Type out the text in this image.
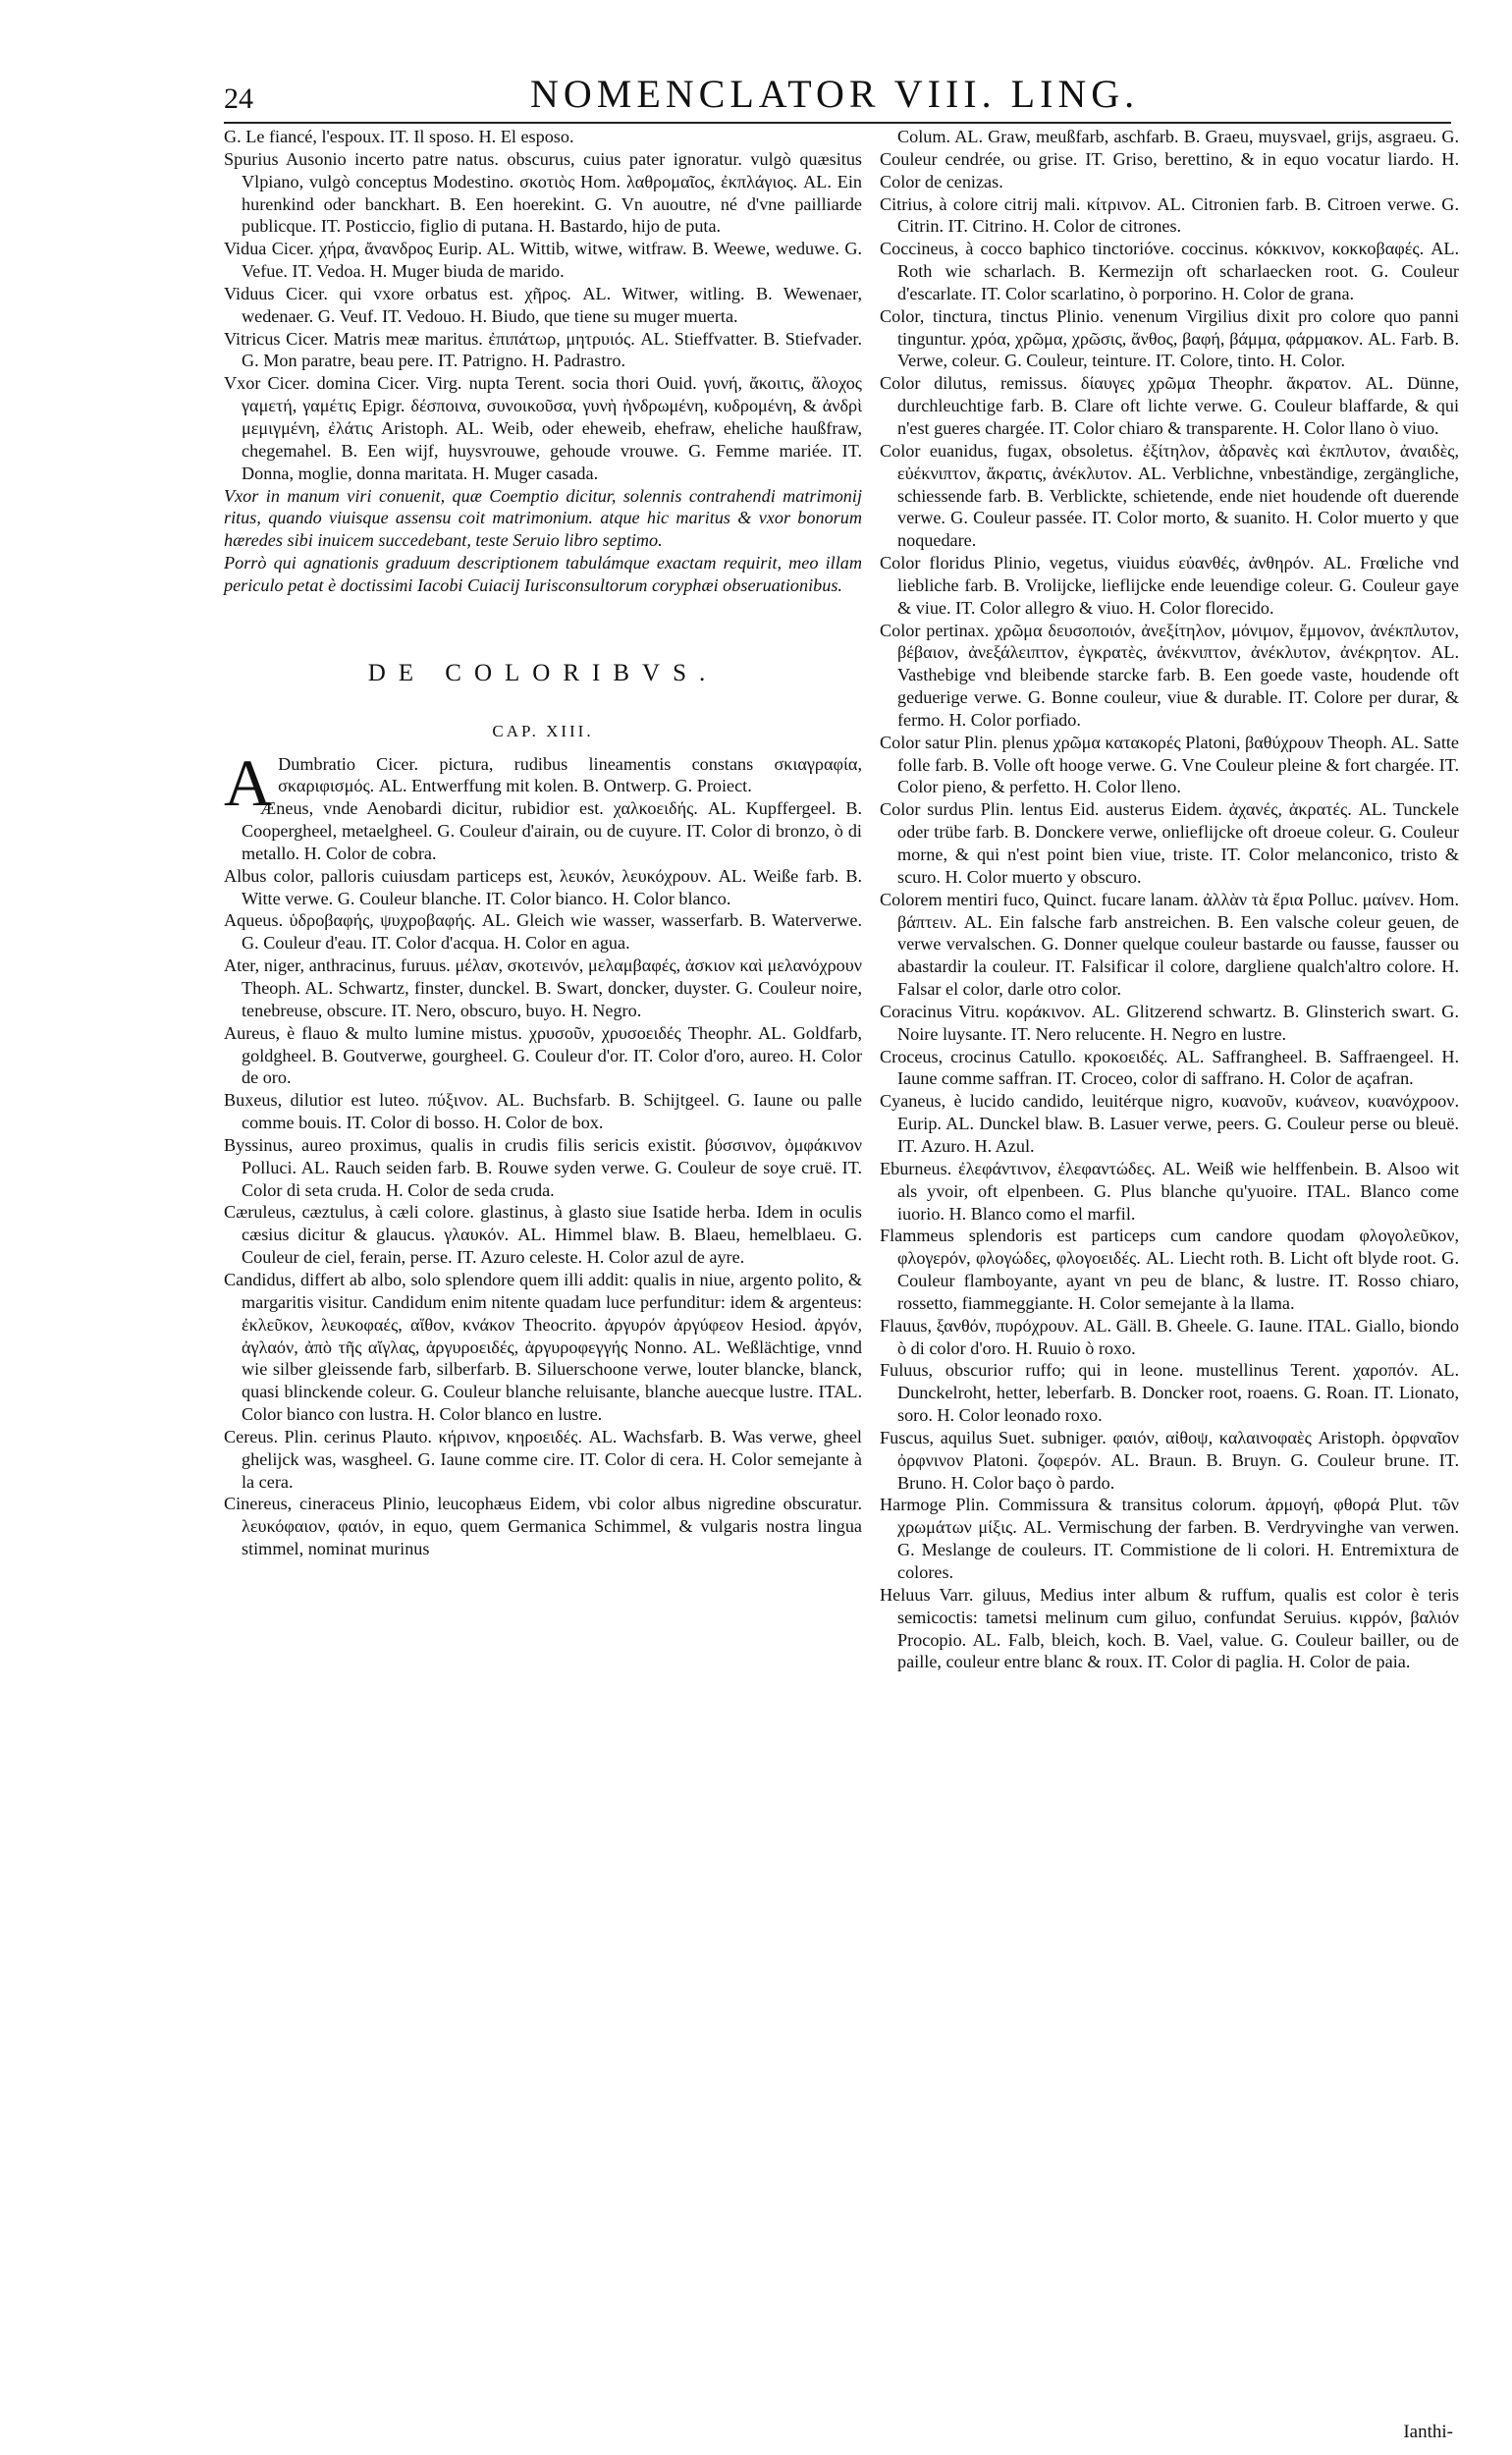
24	NOMENCLATOR VIII. LING.

G. Le fiancé, l'espoux. IT. Il sposo. H. El esposo.

Spurius Ausonio incerto patre natus. obscurus, cuius pater ignoratur. vulgò quæsitus Vlpiano, vulgò conceptus Modestino. σκοτιὸς Hom. λαθρομαῖος, ἐκπλάγιος. AL. Ein hurenkind oder banckhart. B. Een hoerekint. G. Vn auoutre, né d'vne pailliarde publicque. IT. Posticcio, figlio di putana. H. Bastardo, hijo de puta.

Vidua Cicer. χήρα, ἄνανδρος Eurip. AL. Wittib, witwe, witfraw. B. Weewe, weduwe. G. Vefue. IT. Vedoa. H. Muger biuda de marido.

Viduus Cicer. qui vxore orbatus est. χῆρος. AL. Witwer, witling. B. Wewenaer, wedenaer. G. Veuf. IT. Vedouo. H. Biudo, que tiene su muger muerta.

Vitricus Cicer. Matris meæ maritus. ἐπιπάτωρ, μητρυιός. AL. Stieffvatter. B. Stiefvader. G. Mon paratre, beau pere. IT. Patrigno. H. Padrastro.

Vxor Cicer. domina Cicer. Virg. nupta Terent. socia thori Ouid. γυνή, ἄκοιτις, ἄλοχος γαμετή, γαμέτις Epigr. δέσποινα, συνοικοῦσα, γυνὴ ἠνδρωμένη, κυδρομένη, & ἀνδρὶ μεμιγμένη, ἐλάτις Aristoph. AL. Weib, oder eheweib, ehefraw, eheliche haußfraw, chegemahel. B. Een wijf, huysvrouwe, gehoude vrouwe. G. Femme mariée. IT. Donna, moglie, donna maritata. H. Muger casada.

Vxor in manum viri conuenit, quæ Coemptio dicitur, solennis contrahendi matrimonij ritus, quando viuisque assensu coit matrimonium. atque hic maritus & vxor bonorum hæredes sibi inuicem succedebant, teste Seruio libro septimo.

Porrò qui agnationis graduum descriptionem tabulámque exactam requirit, meo illam periculo petat è doctissimi Iacobi Cuiacij Iurisconsultorum coryphæi obseruationibus.

DE COLORIBVS.
CAP. XIII.
A Dumbratio Cicer. pictura, rudibus lineamentis constans σκιαγραφία, σκαριφισμός. AL. Entwerffung mit kolen. B. Ontwerp. G. Proiect.

Æneus, vnde Aenobardi dicitur, rubidior est. χαλκοειδής. AL. Kupffergeel. B. Coopergheel, metaelgheel. G. Couleur d'airain, ou de cuyure. IT. Color di bronzo, ò di metallo. H. Color de cobra.

Albus color, palloris cuiusdam particeps est, λευκόν, λευκόχρουν. AL. Weiße farb. B. Witte verwe. G. Couleur blanche. IT. Color bianco. H. Color blanco.

Aqueus. ὑδροβαφής, ψυχροβαφής. AL. Gleich wie wasser, wasserfarb. B. Waterverwe. G. Couleur d'eau. IT. Color d'acqua. H. Color en agua.

Ater, niger, anthracinus, furuus. μέλαν, σκοτεινόν, μελαμβαφές, ἀσκιον καὶ μελανόχρουν Theoph. AL. Schwartz, finster, dunckel. B. Swart, doncker, duyster. G. Couleur noire, tenebreuse, obscure. IT. Nero, obscuro, buyo. H. Negro.

Aureus, è flauo & multo lumine mistus. χρυσοῦν, χρυσοειδές Theophr. AL. Goldfarb, goldgheel. B. Goutverwe, gourgheel. G. Couleur d'or. IT. Color d'oro, aureo. H. Color de oro.

Buxeus, dilutior est luteo. πύξινον. AL. Buchsfarb. B. Schijtgeel. G. Iaune ou palle comme bouis. IT. Color di bosso. H. Color de box.

Byssinus, aureo proximus, qualis in crudis filis sericis existit. βύσσινον, ὀμφάκινον Polluci. AL. Rauch seiden farb. B. Rouwe syden verwe. G. Couleur de soye cruë. IT. Color di seta cruda. H. Color de seda cruda.

Cæruleus, cæztulus, à cæli colore. glastinus, à glasto siue Isatide herba. Idem in oculis cæsius dicitur & glaucus. γλαυκόν. AL. Himmel blaw. B. Blaeu, hemelblaeu. G. Couleur de ciel, ferain, perse. IT. Azuro celeste. H. Color azul de ayre.

Candidus, differt ab albo, solo splendore quem illi addit: qualis in niue, argento polito, & margaritis visitur. Candidum enim nitente quadam luce perfunditur: idem & argenteus: ἐκλεῦκον, λευκοφαές, αἴθον, κνάκον Theocrito. ἀργυρόν ἀργύφεον Hesiod. ἀργόν, ἀγλαόν, ἀπὸ τῆς αἴγλας, ἀργυροειδές, ἀργυροφεγγής Nonno. AL. Weßlächtige, vnnd wie silber gleissende farb, silberfarb. B. Siluerschoone verwe, louter blancke, blanck, quasi blinckende coleur. G. Couleur blanche reluisante, blanche auecque lustre. ITAL. Color bianco con lustra. H. Color blanco en lustre.

Cereus. Plin. cerinus Plauto. κήρινον, κηροειδές. AL. Wachsfarb. B. Was verwe, gheel ghelijck was, wasgheel. G. Iaune comme cire. IT. Color di cera. H. Color semejante à la cera.

Cinereus, cineraceus Plinio, leucophæus Eidem, vbi color albus nigredine obscuratur. λευκόφαιον, φαιόν, in equo, quem Germanica Schimmel, & vulgaris nostra lingua stimmel, nominat murinus

Colum. AL. Graw, meußfarb, aschfarb. B. Graeu, muysvael, grijs, asgraeu. G. Couleur cendrée, ou grise. IT. Griso, berettino, & in equo vocatur liardo. H. Color de cenizas.

Citrius, à colore citrij mali. κίτρινον. AL. Citronien farb. B. Citroen verwe. G. Citrin. IT. Citrino. H. Color de citrones.

Coccineus, à cocco baphico tinctorióve. coccinus. κόκκινον, κοκκοβαφές. AL. Roth wie scharlach. B. Kermezijn oft scharlaecken root. G. Couleur d'escarlate. IT. Color scarlatino, ò porporino. H. Color de grana.

Color, tinctura, tinctus Plinio. venenum Virgilius dixit pro colore quo panni tinguntur. χρόα, χρῶμα, χρῶσις, ἄνθος, βαφή, βάμμα, φάρμακον. AL. Farb. B. Verwe, coleur. G. Couleur, teinture. IT. Colore, tinto. H. Color.

Color dilutus, remissus. δίαυγες χρῶμα Theophr. ἄκρατον. AL. Dünne, durchleuchtige farb. B. Clare oft lichte verwe. G. Couleur blaffarde, & qui n'est gueres chargée. IT. Color chiaro & transparente. H. Color llano ò viuo.

Color euanidus, fugax, obsoletus. ἐξίτηλον, ἀδρανὲς καὶ ἐκπλυτον, ἀναιδὲς, εὐέκνιπτον, ἄκρατις, ἀνέκλυτον. AL. Verblichne, vnbeständige, zergängliche, schiessende farb. B. Verblickte, schietende, ende niet houdende oft duerende verwe. G. Couleur passée. IT. Color morto, & suanito. H. Color muerto y que noquedare.

Color floridus Plinio, vegetus, viuidus εὐανθές, ἀνθηρόν. AL. Frœliche vnd liebliche farb. B. Vrolijcke, lieflijcke ende leuendige coleur. G. Couleur gaye & viue. IT. Color allegro & viuo. H. Color florecido.

Color pertinax. χρῶμα δευσοποιόν, ἀνεξίτηλον, μόνιμον, ἔμμονον, ἀνέκπλυτον, βέβαιον, ἀνεξάλειπτον, ἐγκρατὲς, ἀνέκνιπτον, ἀνέκλυτον, ἀνέκρητον. AL. Vasthebige vnd bleibende starcke farb. B. Een goede vaste, houdende oft geduerige verwe. G. Bonne couleur, viue & durable. IT. Colore per durar, & fermo. H. Color porfiado.

Color satur Plin. plenus χρῶμα κατακορές Platoni, βαθύχρουν Theoph. AL. Satte folle farb. B. Volle oft hooge verwe. G. Vne Couleur pleine & fort chargée. IT. Color pieno, & perfetto. H. Color lleno.

Color surdus Plin. lentus Eid. austerus Eidem. ἀχανές, ἀκρατές. AL. Tunckele oder trübe farb. B. Donckere verwe, onlieflijcke oft droeue coleur. G. Couleur morne, & qui n'est point bien viue, triste. IT. Color melanconico, tristo & scuro. H. Color muerto y obscuro.

Colorem mentiri fuco, Quinct. fucare lanam. ἀλλὰν τὰ ἔρια Polluc. μαίνεν. Hom. βάπτειν. AL. Ein falsche farb anstreichen. B. Een valsche coleur geuen, de verwe vervalschen. G. Donner quelque couleur bastarde ou fausse, fausser ou abastardir la couleur. IT. Falsificar il colore, dargliene qualch'altro colore. H. Falsar el color, darle otro color.

Coracinus Vitru. κοράκινον. AL. Glitzerend schwartz. B. Glinsterich swart. G. Noire luysante. IT. Nero relucente. H. Negro en lustre.

Croceus, crocinus Catullo. κροκοειδές. AL. Saffrangheel. B. Saffraengeel. H. Iaune comme saffran. IT. Croceo, color di saffrano. H. Color de açafran.

Cyaneus, è lucido candido, leuitérque nigro, κυανοῦν, κυάνεον, κυανόχροον. Eurip. AL. Dunckel blaw. B. Lasuer verwe, peers. G. Couleur perse ou bleuë. IT. Azuro. H. Azul.

Eburneus. ἐλεφάντινον, ἐλεφαντώδες. AL. Weiß wie helffenbein. B. Alsoo wit als yvoir, oft elpenbeen. G. Plus blanche qu'yuoire. ITAL. Blanco come iuorio. H. Blanco como el marfil.

Flammeus splendoris est particeps cum candore quodam φλογολεῦκον, φλογερόν, φλογώδες, φλογοειδές. AL. Liecht roth. B. Licht oft blyde root. G. Couleur flamboyante, ayant vn peu de blanc, & lustre. IT. Rosso chiaro, rossetto, fiammeggiante. H. Color semejante à la llama.

Flauus, ξανθόν, πυρόχρουν. AL. Gäll. B. Gheele. G. Iaune. ITAL. Giallo, biondo ò di color d'oro. H. Ruuio ò roxo.

Fuluus, obscurior ruffo; qui in leone. mustellinus Terent. χαροπόν. AL. Dunckelroht, hetter, leberfarb. B. Doncker root, roaens. G. Roan. IT. Lionato, soro. H. Color leonado roxo.

Fuscus, aquilus Suet. subniger. φαιόν, αἰθοψ, καλαινοφαὲς Aristoph. ὀρφναῖον ὀρφνινον Platoni. ζοφερόν. AL. Braun. B. Bruyn. G. Couleur brune. IT. Bruno. H. Color baço ò pardo.

Harmoge Plin. Commissura & transitus colorum. ἁρμογή, φθορά Plut. τῶν χρωμάτων μίξις. AL. Vermischung der farben. B. Verdryvinghe van verwen. G. Meslange de couleurs. IT. Commistione de li colori. H. Entremixtura de colores.

Heluus Varr. giluus, Medius inter album & ruffum, qualis est color è teris semicoctis: tametsi melinum cum giluo, confundat Seruius. κιρρόν, βαλιόν Procopio. AL. Falb, bleich, koch. B. Vael, value. G. Couleur bailler, ou de paille, couleur entre blanc & roux. IT. Color di paglia. H. Color de paia.

Ianthi-
